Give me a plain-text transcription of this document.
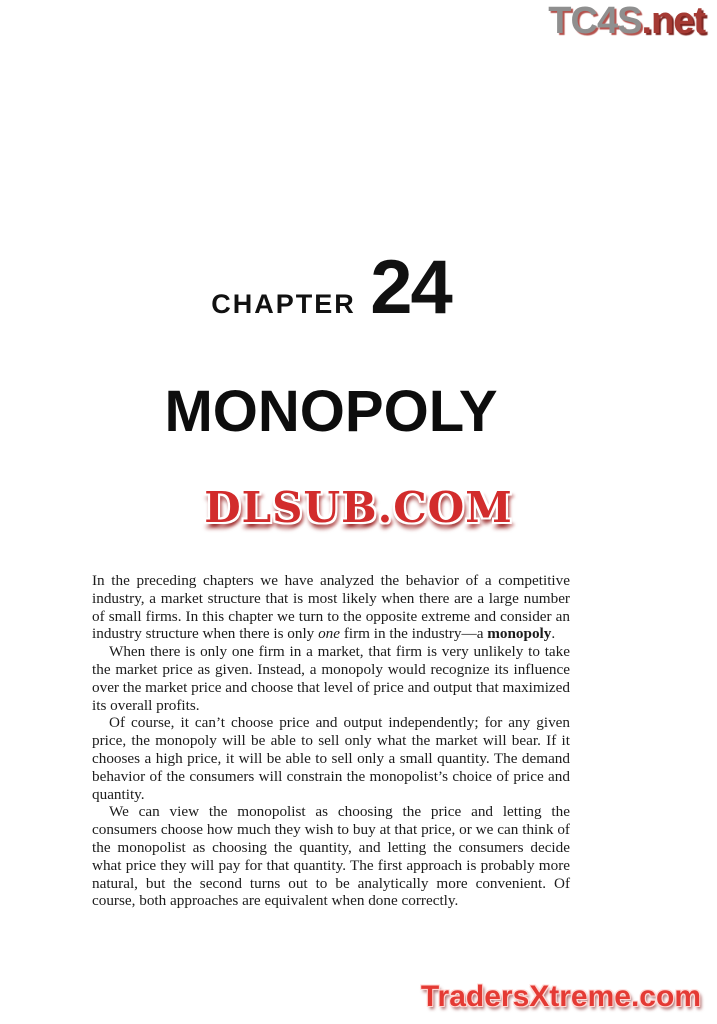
TC4S.net
CHAPTER 24
MONOPOLY
DLSUB.COM

In the preceding chapters we have analyzed the behavior of a competitive industry, a market structure that is most likely when there are a large number of small firms. In this chapter we turn to the opposite extreme and consider an industry structure when there is only one firm in the industry—a monopoly.

When there is only one firm in a market, that firm is very unlikely to take the market price as given. Instead, a monopoly would recognize its influence over the market price and choose that level of price and output that maximized its overall profits.

Of course, it can’t choose price and output independently; for any given price, the monopoly will be able to sell only what the market will bear. If it chooses a high price, it will be able to sell only a small quantity. The demand behavior of the consumers will constrain the monopolist’s choice of price and quantity.

We can view the monopolist as choosing the price and letting the consumers choose how much they wish to buy at that price, or we can think of the monopolist as choosing the quantity, and letting the consumers decide what price they will pay for that quantity. The first approach is probably more natural, but the second turns out to be analytically more convenient. Of course, both approaches are equivalent when done correctly.

TradersXtreme.com
